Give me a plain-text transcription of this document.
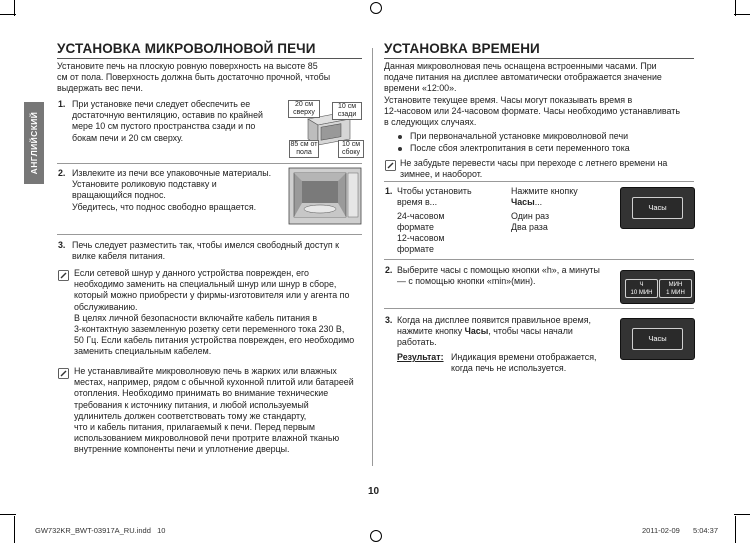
АНГЛИЙСКИЙ
УСТАНОВКА МИКРОВОЛНОВОЙ ПЕЧИ
Установите печь на плоскую ровную поверхность на высоте 85
см от пола. Поверхность должна быть достаточно прочной, чтобы
выдержать вес печи.
1. При установке печи следует обеспечить ее
достаточную вентиляцию, оставив по крайней
мере 10 см пустого пространства сзади и по
бокам печи и 20 см сверху.
20 см
сверху
10 см
сзади
85 см от
пола
10 см
сбоку
2. Извлеките из печи все упаковочные материалы.
Установите роликовую подставку и
вращающийся поднос.
Убедитесь, что поднос свободно вращается.
3. Печь следует разместить так, чтобы имелся свободный доступ к
вилке кабеля питания.
Если сетевой шнур у данного устройства поврежден, его
необходимо заменить на специальный шнур или шнур в сборе,
который можно приобрести у фирмы-изготовителя или у агента по
обслуживанию.
В целях личной безопасности включайте кабель питания в
3-контактную заземленную розетку сети переменного тока 230 В,
50 Гц. Если кабель питания устройства поврежден, его необходимо
заменить специальным кабелем.
Не устанавливайте микроволновую печь в жарких или влажных
местах, например, рядом с обычной кухонной плитой или батареей
отопления. Необходимо принимать во внимание технические
требования к источнику питания, и любой используемый
удлинитель должен соответствовать тому же стандарту,
что и кабель питания, прилагаемый к печи. Перед первым
использованием микроволновой печи протрите влажной тканью
внутренние компоненты печи и уплотнение дверцы.
УСТАНОВКА ВРЕМЕНИ
Данная микроволновая печь оснащена встроенными часами. При
подаче питания на дисплее автоматически отображается значение
времени «12:00».
Установите текущее время. Часы могут показывать время в
12-часовом или 24-часовом формате. Часы необходимо устанавливать
в следующих случаях.
При первоначальной установке микроволновой печи
После сбоя электропитания в сети переменного тока
Не забудьте перевести часы при переходе с летнего времени на
зимнее, и наоборот.
1. Чтобы установить
время в...
Нажмите кнопку
Часы...
24-часовом
формате
Один раз
12-часовом
формате
Два раза
Часы
2. Выберите часы с помощью кнопки «h», а минуты
— с помощью кнопки «min»(мин).	Ч
10 МИН
МИН
1 МИН
3. Когда на дисплее появится правильное время,
нажмите кнопку Часы, чтобы часы начали
работать.
Результат: Индикация времени отображается,
когда печь не используется.
Часы
10
GW732KR_BWT-03917A_RU.indd   10	2011-02-09 5:04:37
